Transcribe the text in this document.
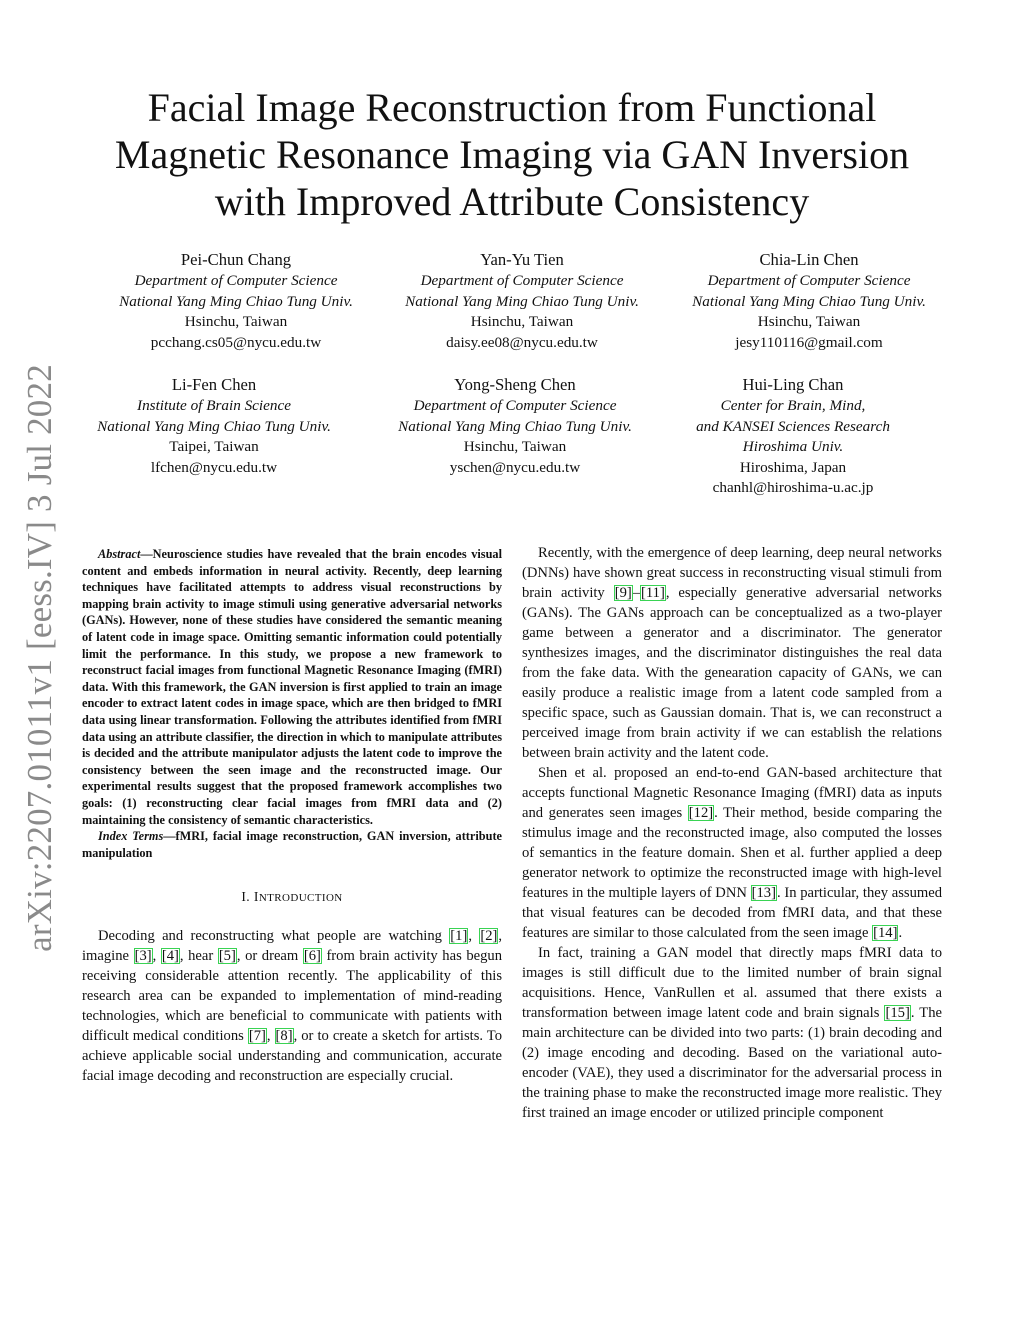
arXiv:2207.01011v1 [eess.IV] 3 Jul 2022
Facial Image Reconstruction from Functional
Magnetic Resonance Imaging via GAN Inversion
with Improved Attribute Consistency
Pei-Chun Chang
Department of Computer Science
National Yang Ming Chiao Tung Univ.
Hsinchu, Taiwan
pcchang.cs05@nycu.edu.tw
Yan-Yu Tien
Department of Computer Science
National Yang Ming Chiao Tung Univ.
Hsinchu, Taiwan
daisy.ee08@nycu.edu.tw
Chia-Lin Chen
Department of Computer Science
National Yang Ming Chiao Tung Univ.
Hsinchu, Taiwan
jesy110116@gmail.com
Li-Fen Chen
Institute of Brain Science
National Yang Ming Chiao Tung Univ.
Taipei, Taiwan
lfchen@nycu.edu.tw
Yong-Sheng Chen
Department of Computer Science
National Yang Ming Chiao Tung Univ.
Hsinchu, Taiwan
yschen@nycu.edu.tw
Hui-Ling Chan
Center for Brain, Mind,
and KANSEI Sciences Research
Hiroshima Univ.
Hiroshima, Japan
chanhl@hiroshima-u.ac.jp

Abstract—Neuroscience studies have revealed that the brain encodes visual content and embeds information in neural activity. Recently, deep learning techniques have facilitated attempts to address visual reconstructions by mapping brain activity to image stimuli using generative adversarial networks (GANs). However, none of these studies have considered the semantic meaning of latent code in image space. Omitting semantic information could potentially limit the performance. In this study, we propose a new framework to reconstruct facial images from functional Magnetic Resonance Imaging (fMRI) data. With this framework, the GAN inversion is first applied to train an image encoder to extract latent codes in image space, which are then bridged to fMRI data using linear transformation. Following the attributes identified from fMRI data using an attribute classifier, the direction in which to manipulate attributes is decided and the attribute manipulator adjusts the latent code to improve the consistency between the seen image and the reconstructed image. Our experimental results suggest that the proposed framework accomplishes two goals: (1) reconstructing clear facial images from fMRI data and (2) maintaining the consistency of semantic characteristics.

Index Terms—fMRI, facial image reconstruction, GAN inversion, attribute manipulation

I. INTRODUCTION

Decoding and reconstructing what people are watching [1], [2], imagine [3], [4], hear [5], or dream [6] from brain activity has begun receiving considerable attention recently. The applicability of this research area can be expanded to implementation of mind-reading technologies, which are beneficial to communicate with patients with difficult medical conditions [7], [8], or to create a sketch for artists. To achieve applicable social understanding and communication, accurate facial image decoding and reconstruction are especially crucial.

Recently, with the emergence of deep learning, deep neural networks (DNNs) have shown great success in reconstructing visual stimuli from brain activity [9]–[11], especially generative adversarial networks (GANs). The GANs approach can be conceptualized as a two-player game between a generator and a discriminator. The generator synthesizes images, and the discriminator distinguishes the real data from the fake data. With the genearation capacity of GANs, we can easily produce a realistic image from a latent code sampled from a specific space, such as Gaussian domain. That is, we can reconstruct a perceived image from brain activity if we can establish the relations between brain activity and the latent code.

Shen et al. proposed an end-to-end GAN-based architecture that accepts functional Magnetic Resonance Imaging (fMRI) data as inputs and generates seen images [12]. Their method, beside comparing the stimulus image and the reconstructed image, also computed the losses of semantics in the feature domain. Shen et al. further applied a deep generator network to optimize the reconstructed image with high-level features in the multiple layers of DNN [13]. In particular, they assumed that visual features can be decoded from fMRI data, and that these features are similar to those calculated from the seen image [14].

In fact, training a GAN model that directly maps fMRI data to images is still difficult due to the limited number of brain signal acquisitions. Hence, VanRullen et al. assumed that there exists a transformation between image latent code and brain signals [15]. The main architecture can be divided into two parts: (1) brain decoding and (2) image encoding and decoding. Based on the variational auto-encoder (VAE), they used a discriminator for the adversarial process in the training phase to make the reconstructed image more realistic. They first trained an image encoder or utilized principle component
